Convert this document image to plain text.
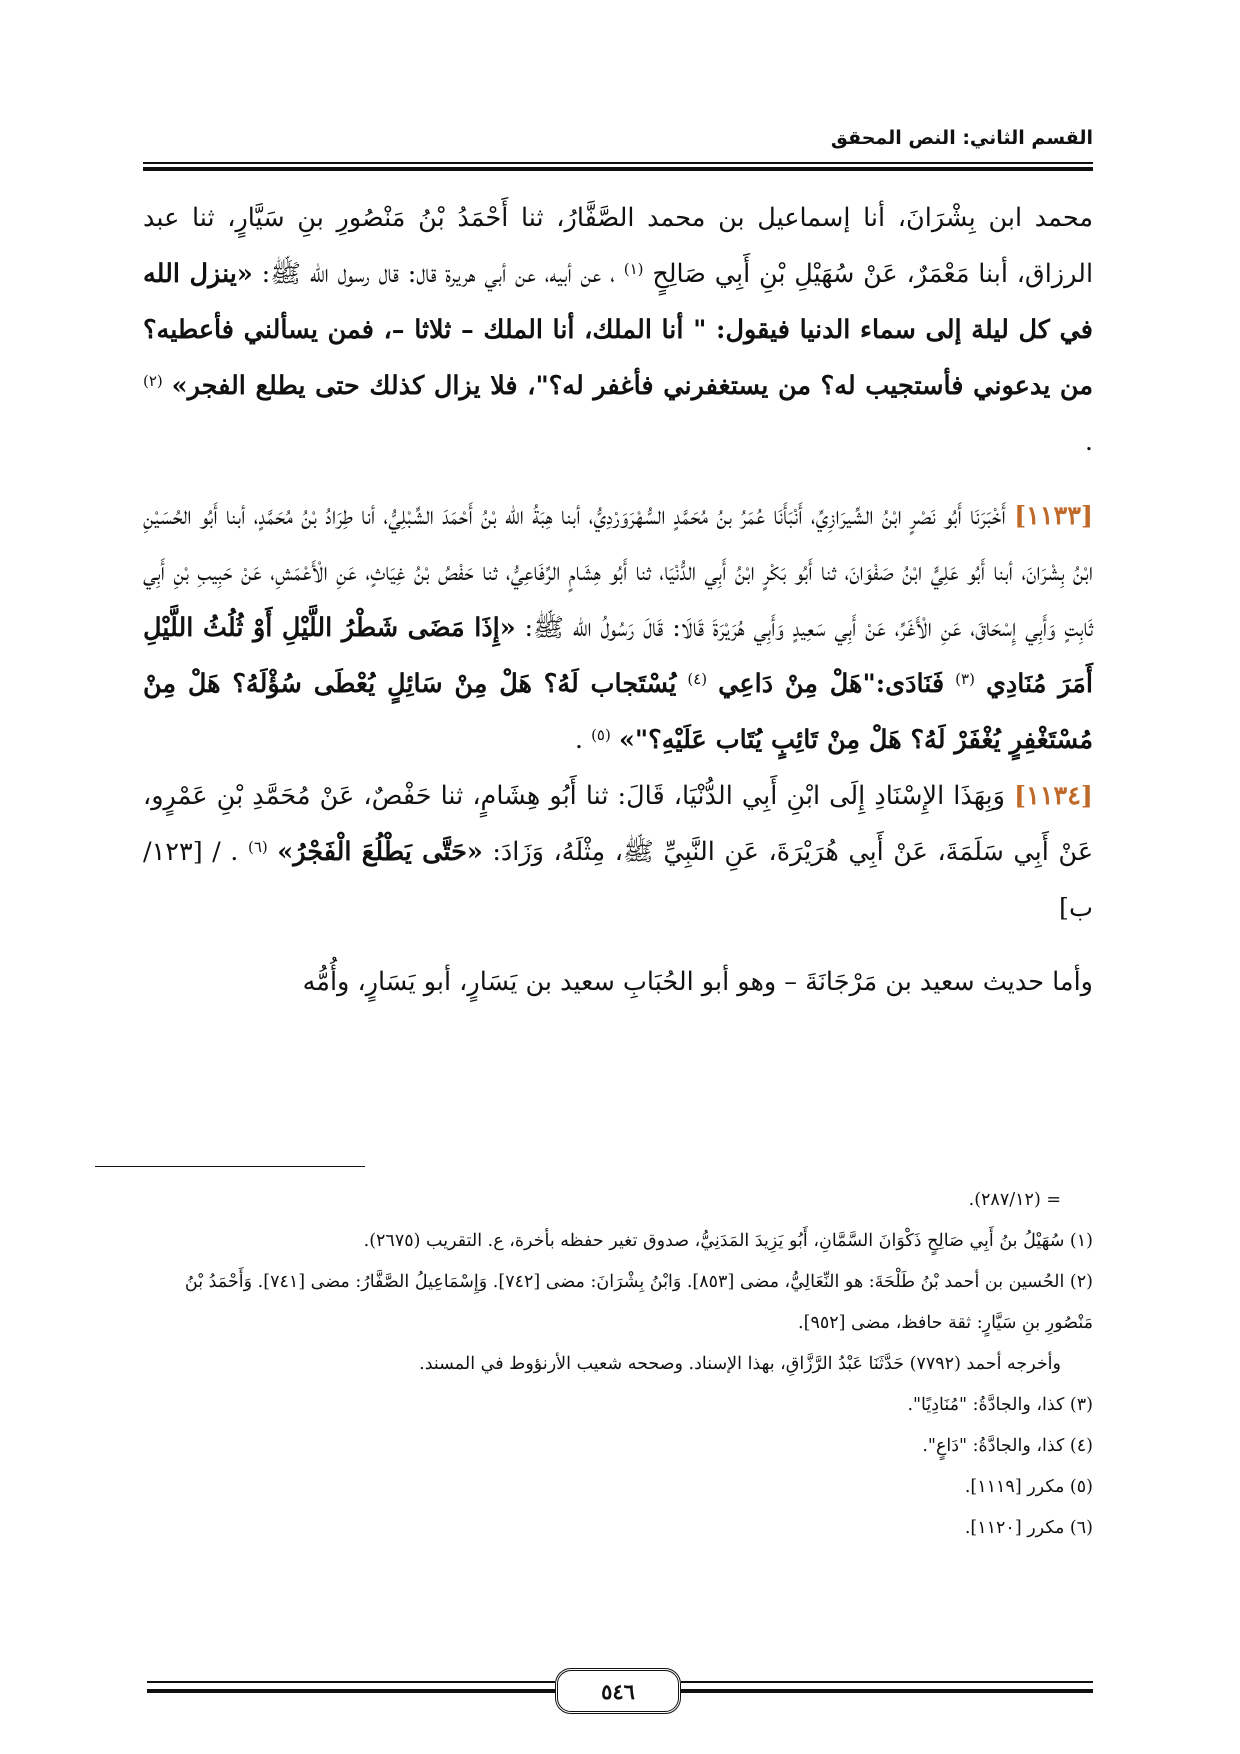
القسم الثاني: النص المحقق

محمد ابن بِشْرَانَ، أنا إسماعيل بن محمد الصَّفَّارُ، ثنا أَحْمَدُ بْنُ مَنْصُورِ بنِ سَيَّارٍ، ثنا عبد الرزاق، أبنا مَعْمَرٌ، عَنْ سُهَيْلِ بْنِ أَبِي صَالِحٍ $^{(١)}$ ، عن أبيه، عن أبي هريرة قال: قال رسول الله ﷺ: «ينزل الله في كل ليلة إلى سماء الدنيا فيقول: " أنا الملك، أنا الملك – ثلاثا –، فمن يسألني فأعطيه؟ من يدعوني فأستجيب له؟ من يستغفرني فأغفر له؟"، فلا يزال كذلك حتى يطلع الفجر» $^{(٢)}$ .

[١١٣٣] أَخْبَرَنَا أَبُو نَصْرٍ ابْنُ الشِّيرَازِيِّ، أَنْبَأَنَا عُمَرُ بنُ مُحَمَّدٍ السُّهْرَوَرْدِيُّ، أبنا هِبَةُ الله بْنُ أَحْمَدَ الشِّبْلِيُّ، أنا طِرَادُ بْنُ مُحَمَّدٍ، أبنا أَبُو الحُسَيْنِ ابْنُ بِشْرَانَ، أبنا أَبُو عَلِيٍّ ابْنُ صَفْوَانَ، ثنا أَبُو بَكْرٍ ابْنُ أَبِي الدُّنْيَا، ثنا أَبُو هِشَامٍ الرِّفَاعِيُّ، ثنا حَفْصُ بْنُ غِيَاثٍ، عَنِ الْأَعْمَشِ، عَنْ حَبِيبِ بْنِ أَبِي ثَابِتٍ وَأَبِي إِسْحَاقَ، عَنِ الْأَغَرِّ، عَنْ أَبِي سَعِيدٍ وَأَبِي هُرَيْرَةَ قَالَا: قَالَ رَسُولُ الله ﷺ: «إِذَا مَضَى شَطْرُ اللَّيْلِ أَوْ ثُلُثُ اللَّيْلِ أَمَرَ مُنَادِي $^{(٣)}$ فَنَادَى:"هَلْ مِنْ دَاعِي $^{(٤)}$ يُسْتَجاب لَهُ؟ هَلْ مِنْ سَائِلٍ يُعْطَى سُؤْلَهُ؟ هَلْ مِنْ مُسْتَغْفِرٍ يُغْفَرْ لَهُ؟ هَلْ مِنْ تَائِبٍ يُتَاب عَلَيْهِ؟"» $^{(٥)}$ .

[١١٣٤] وَبِهَذَا الإِسْنَادِ إِلَى ابْنِ أَبِي الدُّنْيَا، قَالَ: ثنا أَبُو هِشَامٍ، ثنا حَفْصٌ، عَنْ مُحَمَّدِ بْنِ عَمْرٍو، عَنْ أَبِي سَلَمَةَ، عَنْ أَبِي هُرَيْرَةَ، عَنِ النَّبِيِّ ﷺ، مِثْلَهُ، وَزَادَ: «حَتَّى يَطْلُعَ الْفَجْرُ» $^{(٦)}$ . / [١٢٣/ ب]

وأما حديث سعيد بن مَرْجَانَةَ – وهو أبو الحُبَابِ سعيد بن يَسَارٍ، أبو يَسَارٍ، وأُمُّه

= (٢٨٧/١٢).

(١) سُهَيْلُ بنُ أَبِي صَالِحٍ ذَكْوَانَ السَّمَّانِ، أَبُو يَزِيدَ المَدَنِيُّ، صدوق تغير حفظه بأخرة، ع. التقريب (٢٦٧٥).

(٢) الحُسين بن أحمد بْنُ طَلْحَةَ: هو النِّعَالِيُّ، مضى [٨٥٣]. وَابْنُ بِشْرَانَ: مضى [٧٤٢]. وَإِسْمَاعِيلُ الصَّفَّارُ: مضى [٧٤١]. وَأَحْمَدُ بْنُ مَنْصُورِ بنِ سَيَّارٍ: ثقة حافظ، مضى [٩٥٢].

وأخرجه أحمد (٧٧٩٢) حَدَّثَنَا عَبْدُ الرَّزَّاقِ، بهذا الإسناد. وصححه شعيب الأرنؤوط في المسند.

(٣) كذا، والجادَّةُ: "مُنَادِيًا".

(٤) كذا، والجادَّةُ: "دَاعٍ".

(٥) مكرر [١١١٩].

(٦) مكرر [١١٢٠].

٥٤٦
